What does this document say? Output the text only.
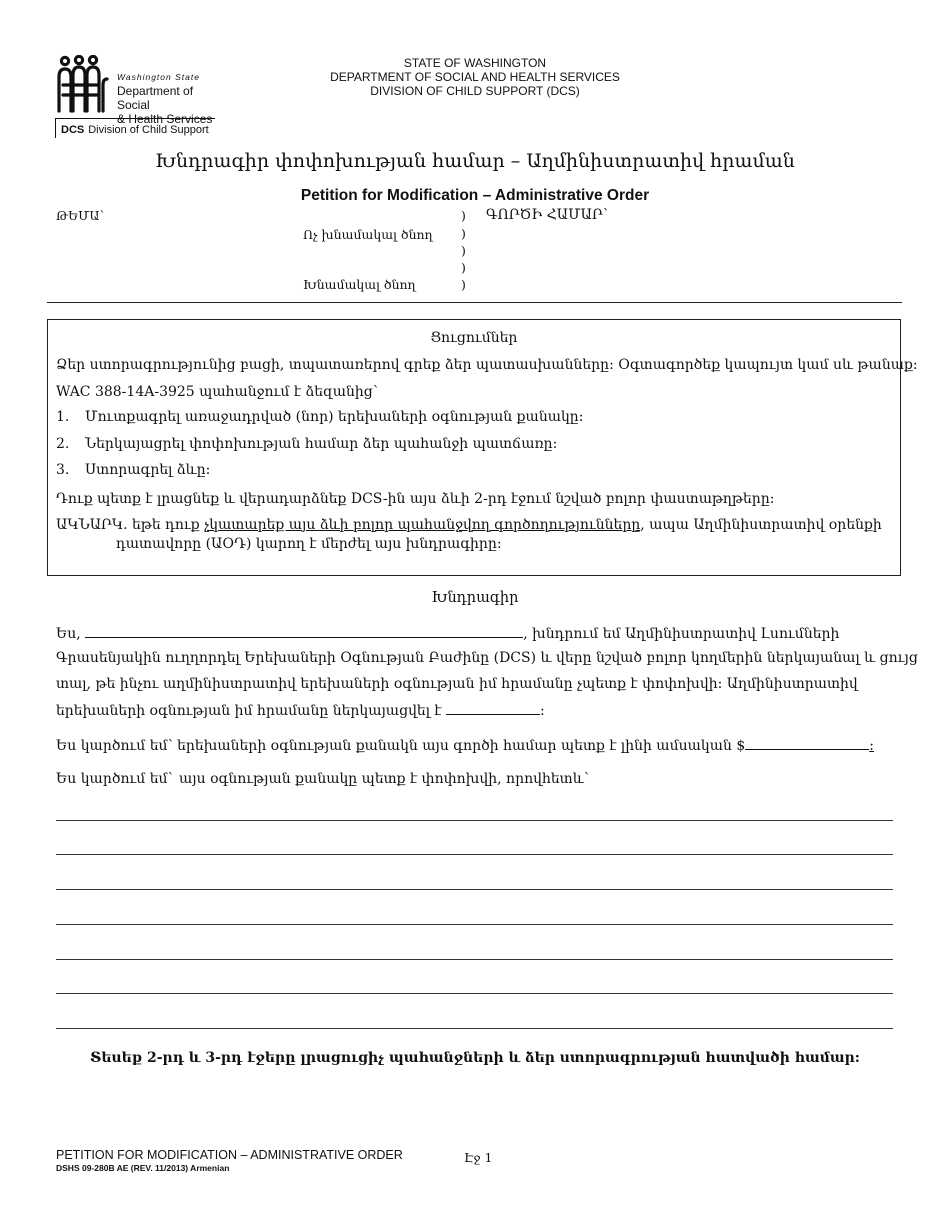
Washington State
Department of Social
& Health Services
DCS Division of Child Support
STATE OF WASHINGTON
DEPARTMENT OF SOCIAL AND HEALTH SERVICES
DIVISION OF CHILD SUPPORT (DCS)
Խնդրագիր փոփոխության համար – Աղմինիստրատիվ հրաման
Petition for Modification – Administrative Order
ԹԵՄԱ`	ԳՈՐԾԻ ՀԱՄԱՐ`
Ոչ խնամակալ ծնող
Խնամակալ ծնող
)
)
)
)
)
Ցուցումներ
Ձեր ստորագրությունից բացի, տպատառերով գրեք ձեր պատասխանները: Օգտագործեք կապույտ կամ սև թանաք:
WAC 388-14A-3925 պահանջում է ձեզանից`
1. Մուտքագրել առաջադրված (նոր) երեխաների օգնության քանակը:
2. Ներկայացրել փոփոխության համար ձեր պահանջի պատճառը:
3. Ստորագրել ձևը:
Դուք պետք է լրացնեք և վերադարձնեք DCS-ին այս ձևի 2-րդ էջում նշված բոլոր փաստաթղթերը:
ԱԿՆԱՐԿ. եթե դուք չկատարեք այս ձևի բոլոր պահանջվող գործողությունները, ապա Աղմինիստրատիվ օրենքի
դատավորը (ԱՕԴ) կարող է մերժել այս խնդրագիրը:
Խնդրագիր
Ես,	, խնդրում եմ Աղմինիստրատիվ Լսումների
Գրասենյակին ուղղորդել Երեխաների Օգնության Բաժինը (DCS) և վերը նշված բոլոր կողմերին ներկայանալ և ցույց
տալ, թե ինչու աղմինիստրատիվ երեխաների օգնության իմ հրամանը չպետք է փոփոխվի: Աղմինիստրատիվ
երեխաների օգնության իմ հրամանը ներկայացվել է	:
Ես կարծում եմ՝ երեխաների օգնության քանակն այս գործի համար պետք է լինի ամսական $	:
Ես կարծում եմ` այս օգնության քանակը պետք է փոփոխվի, որովհետև`
Տեսեք 2-րդ և 3-րդ էջերը լրացուցիչ պահանջների և ձեր ստորագրության հատվածի համար:
PETITION FOR MODIFICATION – ADMINISTRATIVE ORDER
DSHS 09-280B AE (REV. 11/2013) Armenian
Էջ 1
